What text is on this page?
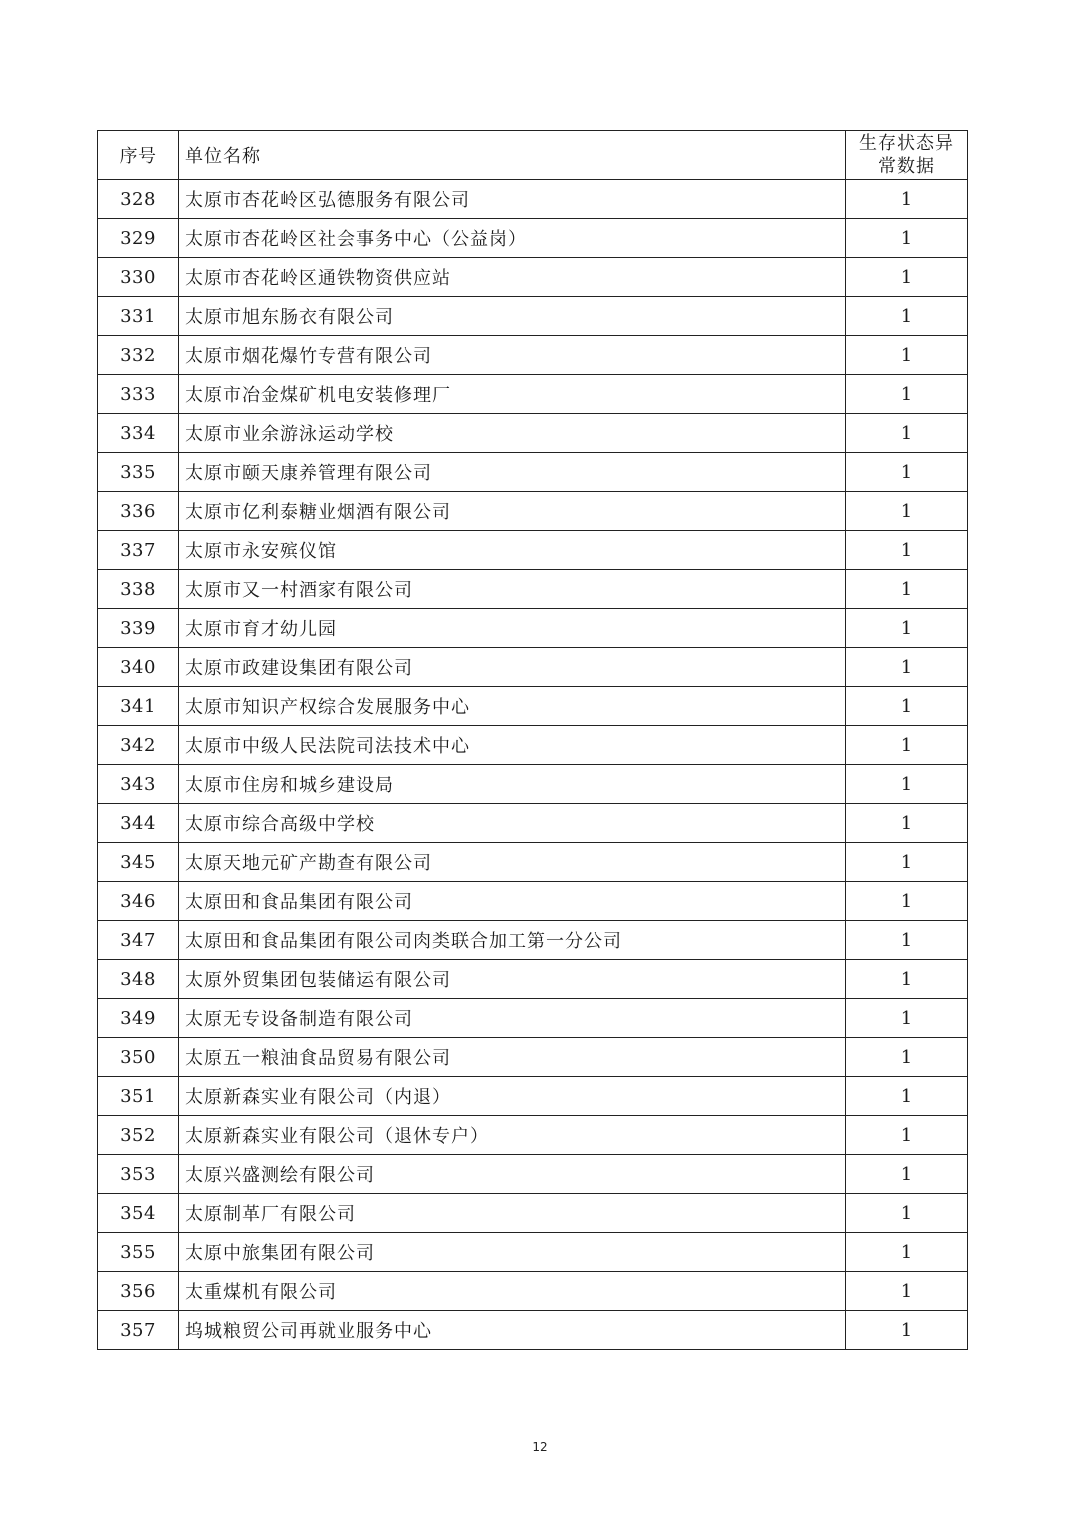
序号	单位名称	生存状态异
常数据

328	太原市杏花岭区弘德服务有限公司	1
329	太原市杏花岭区社会事务中心（公益岗）	1
330	太原市杏花岭区通铁物资供应站	1
331	太原市旭东肠衣有限公司	1
332	太原市烟花爆竹专营有限公司	1
333	太原市冶金煤矿机电安装修理厂	1
334	太原市业余游泳运动学校	1
335	太原市颐天康养管理有限公司	1
336	太原市亿利泰糖业烟酒有限公司	1
337	太原市永安殡仪馆	1
338	太原市又一村酒家有限公司	1
339	太原市育才幼儿园	1
340	太原市政建设集团有限公司	1
341	太原市知识产权综合发展服务中心	1
342	太原市中级人民法院司法技术中心	1
343	太原市住房和城乡建设局	1
344	太原市综合高级中学校	1
345	太原天地元矿产勘查有限公司	1
346	太原田和食品集团有限公司	1
347	太原田和食品集团有限公司肉类联合加工第一分公司	1
348	太原外贸集团包装储运有限公司	1
349	太原无专设备制造有限公司	1
350	太原五一粮油食品贸易有限公司	1
351	太原新森实业有限公司（内退）	1
352	太原新森实业有限公司（退休专户）	1
353	太原兴盛测绘有限公司	1
354	太原制革厂有限公司	1
355	太原中旅集团有限公司	1
356	太重煤机有限公司	1
357	坞城粮贸公司再就业服务中心	1
12
